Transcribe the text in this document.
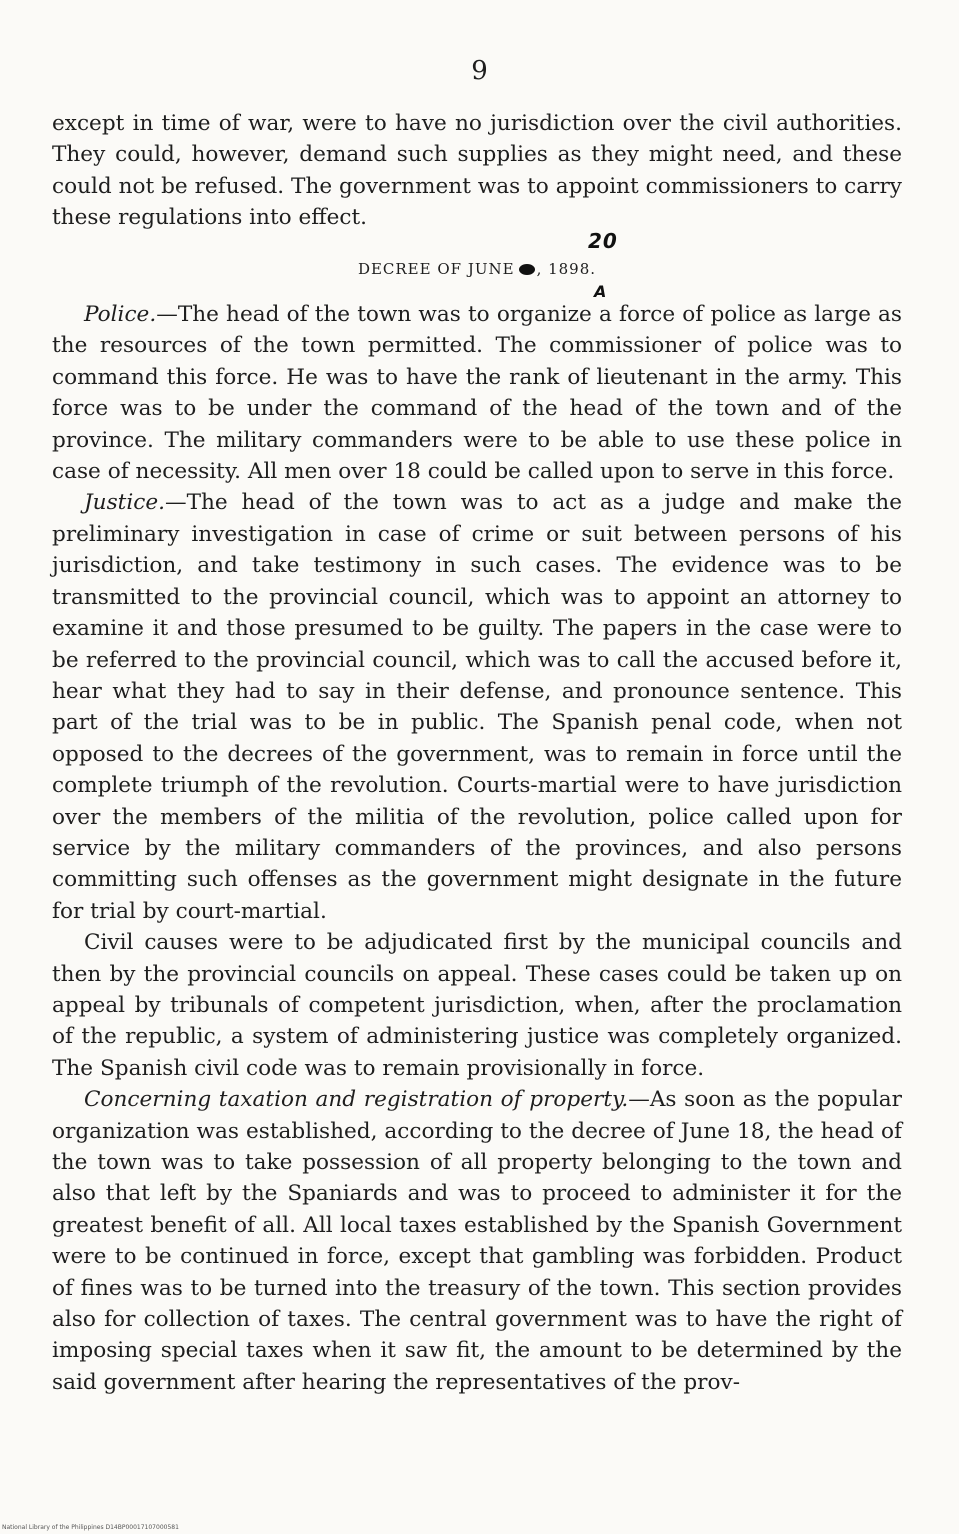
9

except in time of war, were to have no jurisdiction over the civil authorities. They could, however, demand such supplies as they might need, and these could not be refused. The government was to appoint commissioners to carry these regulations into effect.

20
DECREE OF JUNE , 1898.
A

Police.—The head of the town was to organize a force of police as large as the resources of the town permitted. The commissioner of police was to command this force. He was to have the rank of lieutenant in the army. This force was to be under the command of the head of the town and of the province. The military commanders were to be able to use these police in case of necessity. All men over 18 could be called upon to serve in this force.

Justice.—The head of the town was to act as a judge and make the preliminary investigation in case of crime or suit between persons of his jurisdiction, and take testimony in such cases. The evidence was to be transmitted to the provincial council, which was to appoint an attorney to examine it and those presumed to be guilty. The papers in the case were to be referred to the provincial council, which was to call the accused before it, hear what they had to say in their defense, and pronounce sentence. This part of the trial was to be in public. The Spanish penal code, when not opposed to the decrees of the government, was to remain in force until the complete triumph of the revolution. Courts-martial were to have jurisdiction over the members of the militia of the revolution, police called upon for service by the military commanders of the provinces, and also persons committing such offenses as the government might designate in the future for trial by court-martial.

Civil causes were to be adjudicated first by the municipal councils and then by the provincial councils on appeal. These cases could be taken up on appeal by tribunals of competent jurisdiction, when, after the proclamation of the republic, a system of administering justice was completely organized. The Spanish civil code was to remain provisionally in force.

Concerning taxation and registration of property.—As soon as the popular organization was established, according to the decree of June 18, the head of the town was to take possession of all property belonging to the town and also that left by the Spaniards and was to proceed to administer it for the greatest benefit of all. All local taxes established by the Spanish Government were to be continued in force, except that gambling was forbidden. Product of fines was to be turned into the treasury of the town. This section provides also for collection of taxes. The central government was to have the right of imposing special taxes when it saw fit, the amount to be determined by the said government after hearing the representatives of the prov-

National Library of the Philippines D14BP00017107000581
